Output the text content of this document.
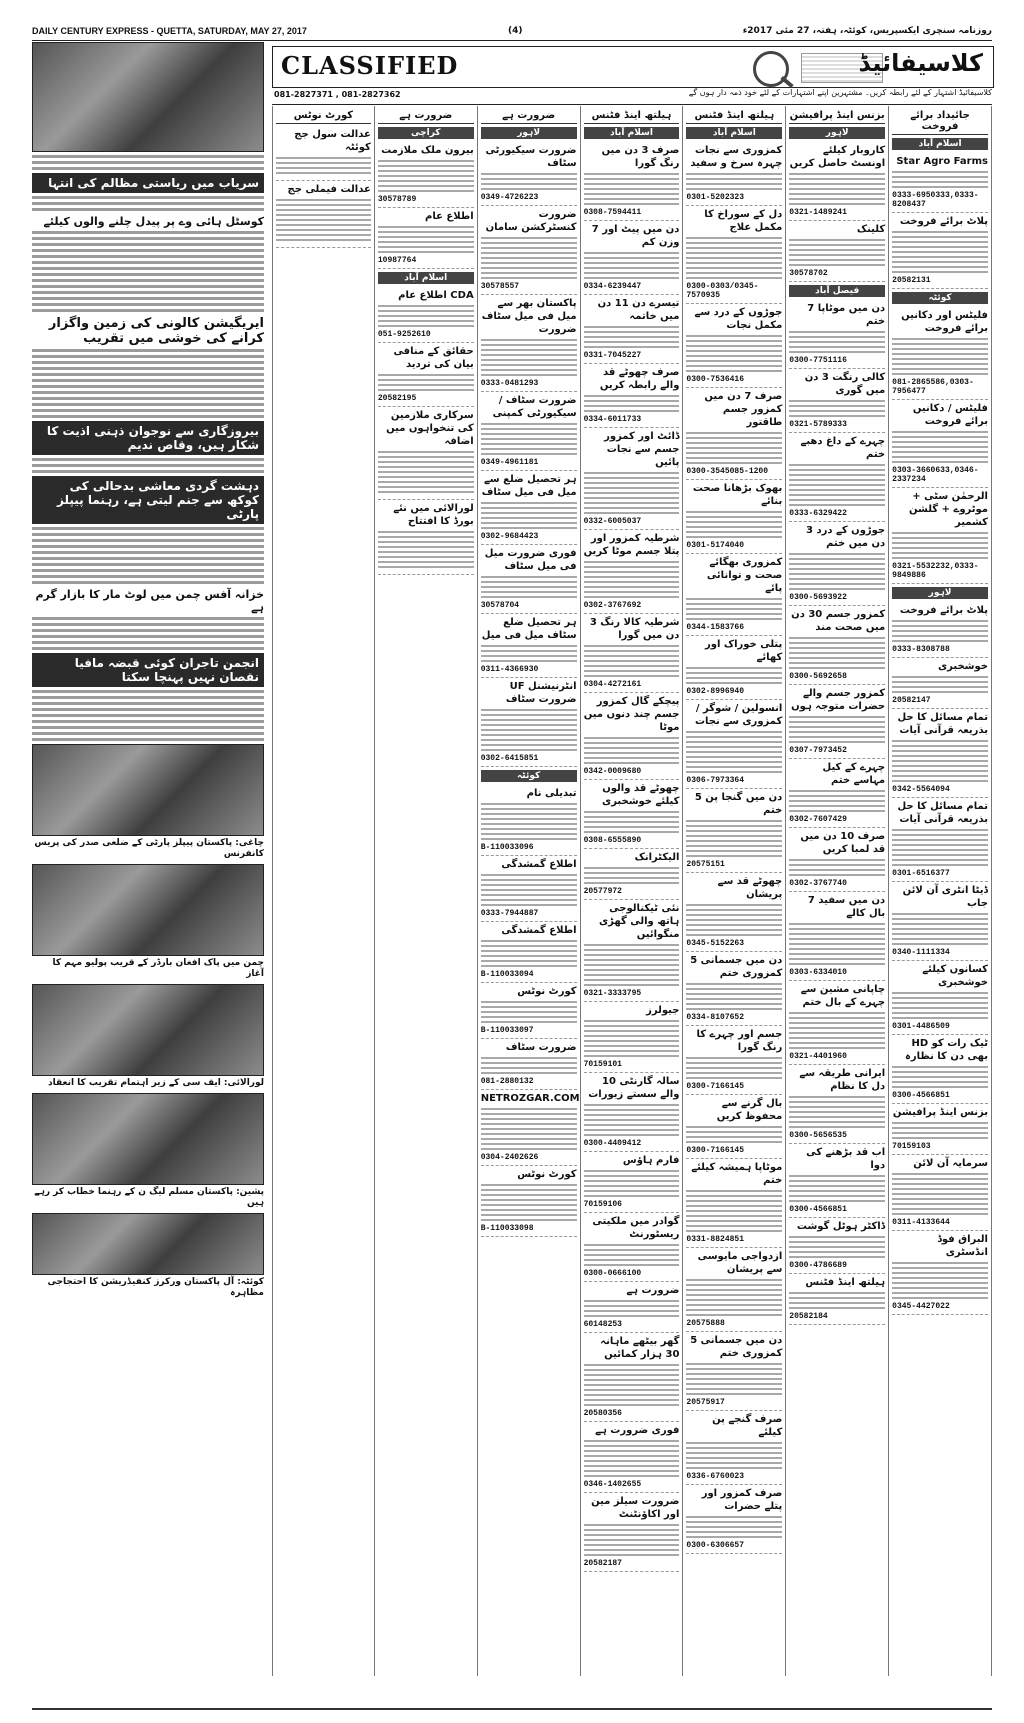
DAILY CENTURY EXPRESS - QUETTA, SATURDAY, MAY 27, 2017	(4)	روزنامہ سنچری ایکسپریس، کوئٹہ، ہفتہ، 27 مئی 2017ء
سریاب میں ریاستی مظالم کی انتہا
کوسٹل ہائی وے پر پیدل چلنے والوں کیلئے
ایریگیشن کالونی کی زمین واگزار کرانے کی خوشی میں تقریب
بیروزگاری سے نوجوان ذہنی اذیت کا شکار ہیں، وقاص ندیم
دہشت گردی معاشی بدحالی کی کوکھ سے جنم لیتی ہے، رہنما پیپلز پارٹی
خزانہ آفس چمن میں لوٹ مار کا بازار گرم ہے
انجمن تاجران کوئی قبضہ مافیا نقصان نہیں پہنچا سکتا
چاغی: پاکستان پیپلز پارٹی کے ضلعی صدر کی پریس کانفرنس
چمن میں پاک افغان بارڈر کے قریب پولیو مہم کا آغاز
لورالائی: ایف سی کے زیر اہتمام تقریب کا انعقاد
پشین: پاکستان مسلم لیگ ن کے رہنما خطاب کر رہے ہیں
کوئٹہ: آل پاکستان ورکرز کنفیڈریشن کا احتجاجی مظاہرہ
CLASSIFIED	کلاسیفائیڈ
081-2827371 , 081-2827362	کلاسیفائیڈ اشتہار کے لئے رابطہ کریں۔ مشتہرین اپنے اشتہارات کے لئے خود ذمہ دار ہوں گے
کورٹ نوٹس
عدالت سول جج کوئٹہ
عدالت فیملی جج
ضرورت ہے
کراچی
بیرون ملک ملازمت
30578789
اطلاع عام
10987764
اسلام آباد
اطلاع عام CDA
051-9252610
حقائق کے منافی بیان کی تردید
20582195
سرکاری ملازمین کی تنخواہوں میں اضافہ
لورالائی میں نئے بورڈ کا افتتاح
ضرورت ہے
لاہور
ضرورت سیکیورٹی سٹاف
0349-4726223
ضرورت کنسٹرکشن سامان
30578557
پاکستان بھر سے میل فی میل سٹاف ضرورت
0333-0481293
ضرورت سٹاف / سیکیورٹی کمپنی
0349-4961181
ہر تحصیل ضلع سے میل فی میل سٹاف
0302-9684423
فوری ضرورت میل فی میل سٹاف
30578704
ہر تحصیل ضلع سٹاف میل فی میل
0311-4366930
UF انٹرنیشنل ضرورت سٹاف
0302-6415851
کوئٹہ
تبدیلی نام
B-110033096
اطلاع گمشدگی
0333-7944887
اطلاع گمشدگی
B-110033094
کورٹ نوٹس
B-110033097
ضرورت سٹاف
081-2880132
NETROZGAR.COM
0304-2402626
کورٹ نوٹس
B-110033098
ہیلتھ اینڈ فٹنس
اسلام آباد
صرف 3 دن میں رنگ گورا
0308-7594411
7 دن میں پیٹ اور وزن کم
0334-6239447
تیسرے دن 11 دن میں خاتمہ
0331-7045227
صرف چھوٹے قد والے رابطہ کریں
0334-6011733
ڈائٹ اور کمزور جسم سے نجات پائیں
0332-6005037
شرطیہ کمزور اور پتلا جسم موٹا کریں
0302-3767692
شرطیہ کالا رنگ 3 دن میں گورا
0304-4272161
پیچکے گال کمزور جسم چند دنوں میں موٹا
0342-0009680
چھوٹے قد والوں کیلئے خوشخبری
0308-6555890
الیکٹرانک
20577972
نئی ٹیکنالوجی ہاتھ والی گھڑی منگوائیں
0321-3333795
جیولرز
70159101
10 سالہ گارنٹی والے سستے زیورات
0300-4409412
فارم ہاؤس
70159106
گوادر میں ملکیتی ریسٹورنٹ
0300-0666100
ضرورت ہے
60148253
گھر بیٹھے ماہانہ 30 ہزار کمائیں
20580356
فوری ضرورت ہے
0346-1402655
ضرورت سیلز مین اور اکاؤنٹنٹ
20582187
ہیلتھ اینڈ فٹنس
اسلام آباد
کمزوری سے نجات چہرہ سرخ و سفید
0301-5202323
دل کے سوراخ کا مکمل علاج
0300-0303/0345-7570935
جوڑوں کے درد سے مکمل نجات
0300-7536416
صرف 7 دن میں کمزور جسم طاقتور
0300-3545085-1200
بھوک بڑھانا صحت بنائے
0301-5174040
کمزوری بھگائے صحت و توانائی پائے
0344-1583766
پتلی خوراک اور کھائے
0302-8996940
انسولین / شوگر / کمزوری سے نجات
0306-7973364
5 دن میں گنجا پن ختم
20575151
چھوٹے قد سے پریشان
0345-5152263
5 دن میں جسمانی کمزوری ختم
0334-8107652
جسم اور چہرے کا رنگ گورا
0300-7166145
بال گرنے سے محفوظ کریں
0300-7166145
موٹاپا ہمیشہ کیلئے ختم
0331-8824851
ازدواجی مایوسی سے پریشان
20575888
5 دن میں جسمانی کمزوری ختم
20575917
صرف گنجے پن کیلئے
0336-6760023
صرف کمزور اور پتلے حضرات
0300-6306657
بزنس اینڈ پرافیشن
لاہور
کاروبار کیلئے اونسٹ حاصل کریں
0321-1489241
کلینک
30578702
فیصل آباد
7 دن میں موٹاپا ختم
0300-7751116
کالی رنگت 3 دن میں گوری
0321-5789333
چہرے کے داغ دھبے ختم
0333-6329422
جوڑوں کے درد 3 دن میں ختم
0300-5693922
کمزور جسم 30 دن میں صحت مند
0300-5692658
کمزور جسم والے حضرات متوجہ ہوں
0307-7973452
چہرے کے کیل مہاسے ختم
0302-7607429
صرف 10 دن میں قد لمبا کریں
0302-3767740
7 دن میں سفید بال کالے
0303-6334010
چاپانی مشین سے چہرے کے بال ختم
0321-4401960
ایرانی طریقہ سے دل کا نظام
0300-5656535
اب قد بڑھنے کی دوا
0300-4566851
ڈاکٹر ہوٹل گوشت
0300-4786689
ہیلتھ اینڈ فٹنس
20582184
جائیداد برائے فروخت
اسلام آباد
Star Agro Farms
0333-6950333,0333-8208437
پلاٹ برائے فروخت
20582131
کوئٹہ
فلیٹس اور دکانیں برائے فروخت
081-2865586,0303-7956477
فلیٹس / دکانیں برائے فروخت
0303-3660633,0346-2337234
الرحمٰن سٹی + موٹروے + گلشن کشمیر
0321-5532232,0333-9849886
لاہور
پلاٹ برائے فروخت
0333-8308788
خوشخبری
20582147
تمام مسائل کا حل بذریعہ قرآنی آیات
0342-5564094
تمام مسائل کا حل بذریعہ قرآنی آیات
0301-6516377
ڈیٹا انٹری آن لائن جاب
0340-1111334
کسانوں کیلئے خوشخبری
0301-4486509
HD ٹیک رات کو بھی دن کا نظارہ
0300-4566851
بزنس اینڈ پرافیشن
70159103
سرمایہ آن لائن
0311-4133644
البراق فوڈ انڈسٹری
0345-4427022
